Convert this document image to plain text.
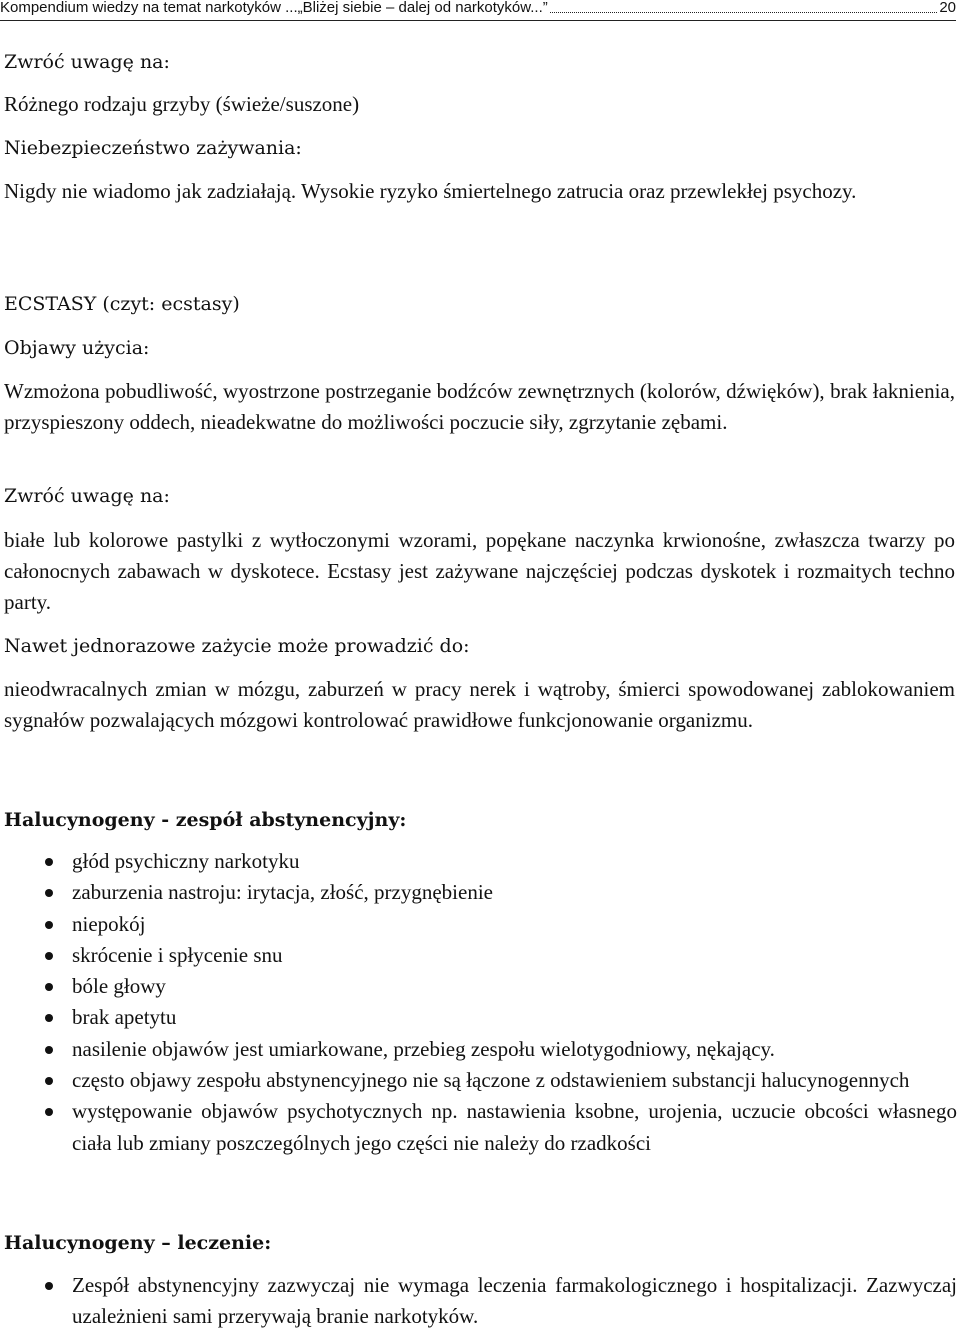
Kompendium wiedzy na temat narkotyków ...„Bliżej siebie – dalej od narkotyków...”	20
Zwróć uwagę na:
Różnego rodzaju grzyby (świeże/suszone)
Niebezpieczeństwo zażywania:
Nigdy nie wiadomo jak zadziałają. Wysokie ryzyko śmiertelnego zatrucia oraz przewlekłej psychozy.
ECSTASY (czyt: ecstasy)
Objawy użycia:
Wzmożona pobudliwość, wyostrzone postrzeganie bodźców zewnętrznych (kolorów, dźwięków), brak łaknienia, przyspieszony oddech, nieadekwatne do możliwości poczucie siły, zgrzytanie zębami.
Zwróć uwagę na:
białe lub kolorowe pastylki z wytłoczonymi wzorami, popękane naczynka krwionośne, zwłaszcza twarzy po całonocnych zabawach w dyskotece. Ecstasy jest zażywane najczęściej podczas dyskotek i rozmaitych techno party.
Nawet jednorazowe zażycie może prowadzić do:
nieodwracalnych zmian w mózgu, zaburzeń w pracy nerek i wątroby, śmierci spowodowanej zablokowaniem sygnałów pozwalających mózgowi kontrolować prawidłowe funkcjonowanie organizmu.
Halucynogeny - zespół abstynencyjny:
głód psychiczny narkotyku
zaburzenia nastroju: irytacja, złość, przygnębienie
niepokój
skrócenie i spłycenie snu
bóle głowy
brak apetytu
nasilenie objawów jest umiarkowane, przebieg zespołu wielotygodniowy, nękający.
często objawy zespołu abstynencyjnego nie są łączone z odstawieniem substancji halucynogennych
występowanie objawów psychotycznych np. nastawienia ksobne, urojenia, uczucie obcości własnego ciała lub zmiany poszczególnych jego części nie należy do rzadkości
Halucynogeny – leczenie:
Zespół abstynencyjny zazwyczaj nie wymaga leczenia farmakologicznego i hospitalizacji. Zazwyczaj uzależnieni sami przerywają branie narkotyków.
